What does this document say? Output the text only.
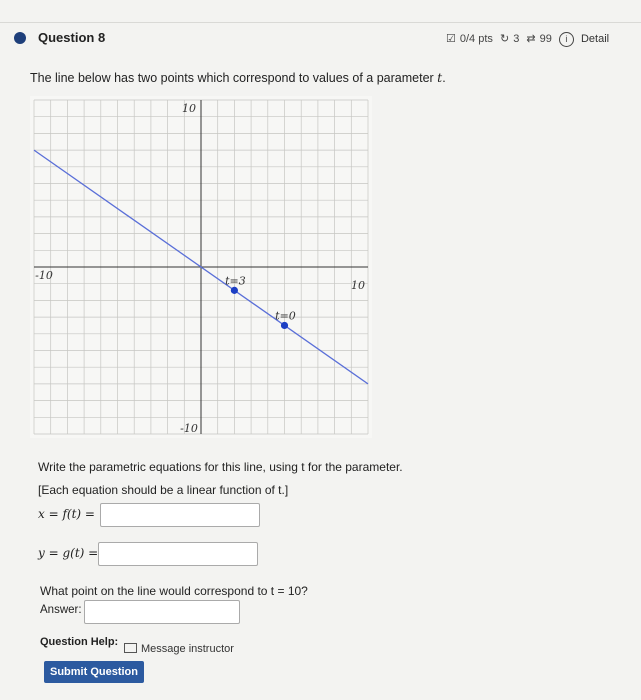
Question 8	☑ 0/4 pts ↻ 3 ⇄ 99 i Detail
The line below has two points which correspond to values of a parameter t.
-10
10
10
-10
t=3
t=0
Write the parametric equations for this line, using t for the parameter.
[Each equation should be a linear function of t.]
x = f(t) =
y = g(t) =
What point on the line would correspond to t = 10?
Answer:
Question Help:
Message instructor
Submit Question
